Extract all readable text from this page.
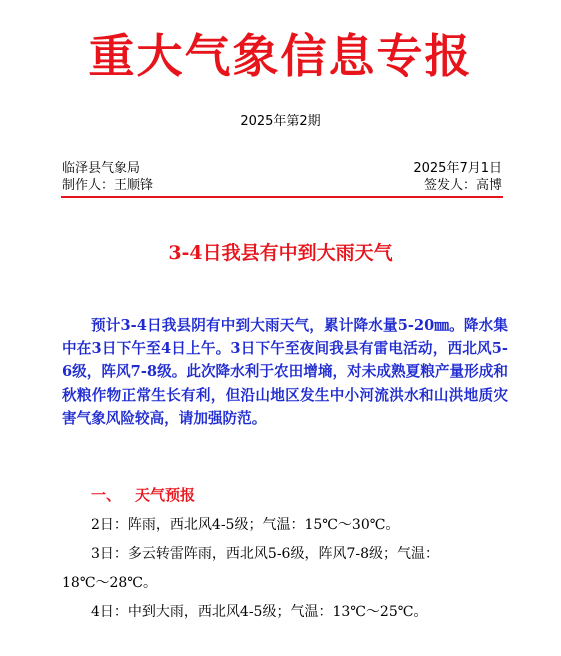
重大气象信息专报
2025年第2期
临泽县气象局	2025年7月1日
制作人：王顺锋	签发人：高博
3-4日我县有中到大雨天气

预计3-4日我县阴有中到大雨天气，累计降水量5-20㎜。降水集中在3日下午至4日上午。3日下午至夜间我县有雷电活动，西北风5-6级，阵风7-8级。此次降水利于农田增墒，对未成熟夏粮产量形成和秋粮作物正常生长有利，但沿山地区发生中小河流洪水和山洪地质灾害气象风险较高，请加强防范。

一、 天气预报
2日：阵雨，西北风4-5级；气温：15℃～30℃。
3日：多云转雷阵雨，西北风5-6级，阵风7-8级；气温：
18℃～28℃。
4日：中到大雨，西北风4-5级；气温：13℃～25℃。
